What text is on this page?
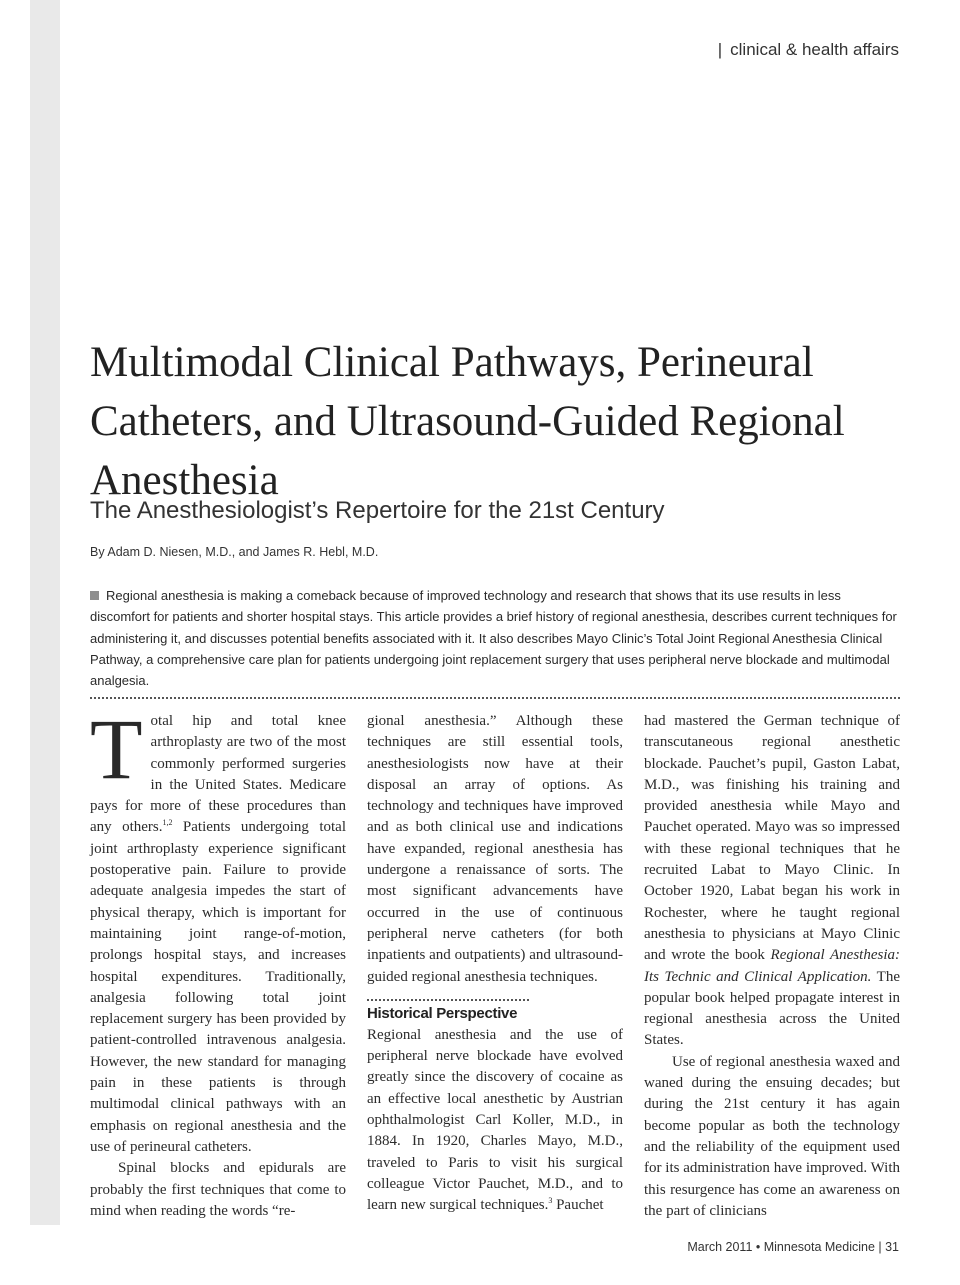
| clinical & health affairs
Multimodal Clinical Pathways, Perineural Catheters, and Ultrasound-Guided Regional Anesthesia
The Anesthesiologist’s Repertoire for the 21st Century
By Adam D. Niesen, M.D., and James R. Hebl, M.D.

Regional anesthesia is making a comeback because of improved technology and research that shows that its use results in less discomfort for patients and shorter hospital stays. This article provides a brief history of regional anesthesia, describes current techniques for administering it, and discusses potential benefits associated with it. It also describes Mayo Clinic’s Total Joint Regional Anesthesia Clinical Pathway, a comprehensive care plan for patients undergoing joint replacement surgery that uses peripheral nerve blockade and multimodal analgesia.

Total hip and total knee arthroplasty are two of the most commonly performed surgeries in the United States. Medicare pays for more of these procedures than any others.$^{1,2}$ Patients undergoing total joint arthroplasty experience significant postoperative pain. Failure to provide adequate analgesia impedes the start of physical therapy, which is important for maintaining joint range-of-motion, prolongs hospital stays, and increases hospital expenditures. Traditionally, analgesia following total joint replacement surgery has been provided by patient-controlled intravenous analgesia. However, the new standard for managing pain in these patients is through multimodal clinical pathways with an emphasis on regional anesthesia and the use of perineural catheters.

Spinal blocks and epidurals are probably the first techniques that come to mind when reading the words “re-

gional anesthesia.” Although these techniques are still essential tools, anesthesiologists now have at their disposal an array of options. As technology and techniques have improved and as both clinical use and indications have expanded, regional anesthesia has undergone a renaissance of sorts. The most significant advancements have occurred in the use of continuous peripheral nerve catheters (for both inpatients and outpatients) and ultrasound-guided regional anesthesia techniques.

Historical Perspective

Regional anesthesia and the use of peripheral nerve blockade have evolved greatly since the discovery of cocaine as an effective local anesthetic by Austrian ophthalmologist Carl Koller, M.D., in 1884. In 1920, Charles Mayo, M.D., traveled to Paris to visit his surgical colleague Victor Pauchet, M.D., and to learn new surgical techniques.$^3$ Pauchet

had mastered the German technique of transcutaneous regional anesthetic blockade. Pauchet’s pupil, Gaston Labat, M.D., was finishing his training and provided anesthesia while Mayo and Pauchet operated. Mayo was so impressed with these regional techniques that he recruited Labat to Mayo Clinic. In October 1920, Labat began his work in Rochester, where he taught regional anesthesia to physicians at Mayo Clinic and wrote the book Regional Anesthesia: Its Technic and Clinical Application. The popular book helped propagate interest in regional anesthesia across the United States.

Use of regional anesthesia waxed and waned during the ensuing decades; but during the 21st century it has again become popular as both the technology and the reliability of the equipment used for its administration have improved. With this resurgence has come an awareness on the part of clinicians

March 2011 • Minnesota Medicine | 31
